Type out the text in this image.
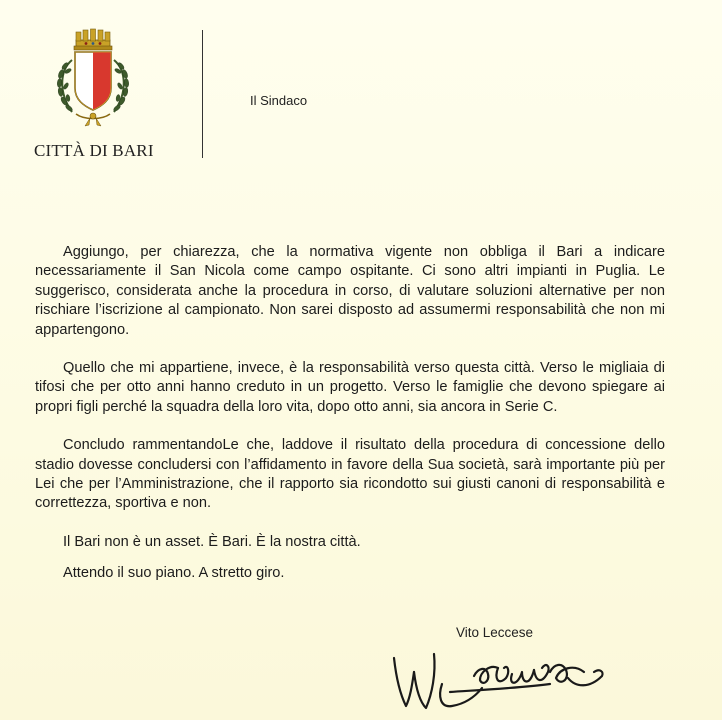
CITTÀ DI BARI
Il Sindaco

Aggiungo, per chiarezza, che la normativa vigente non obbliga il Bari a indicare necessariamente il San Nicola come campo ospitante. Ci sono altri impianti in Puglia. Le suggerisco, considerata anche la procedura in corso, di valutare soluzioni alternative per non rischiare l’iscrizione al campionato. Non sarei disposto ad assumermi responsabilità che non mi appartengono.

Quello che mi appartiene, invece, è la responsabilità verso questa città. Verso le migliaia di tifosi che per otto anni hanno creduto in un progetto. Verso le famiglie che devono spiegare ai propri figli perché la squadra della loro vita, dopo otto anni, sia ancora in Serie C.

Concludo rammentandoLe che, laddove il risultato della procedura di concessione dello stadio dovesse concludersi con l’affidamento in favore della Sua società, sarà importante più per Lei che per l’Amministrazione, che il rapporto sia ricondotto sui giusti canoni di responsabilità e correttezza, sportiva e non.

Il Bari non è un asset. È Bari. È la nostra città.

Attendo il suo piano. A stretto giro.

Vito Leccese
